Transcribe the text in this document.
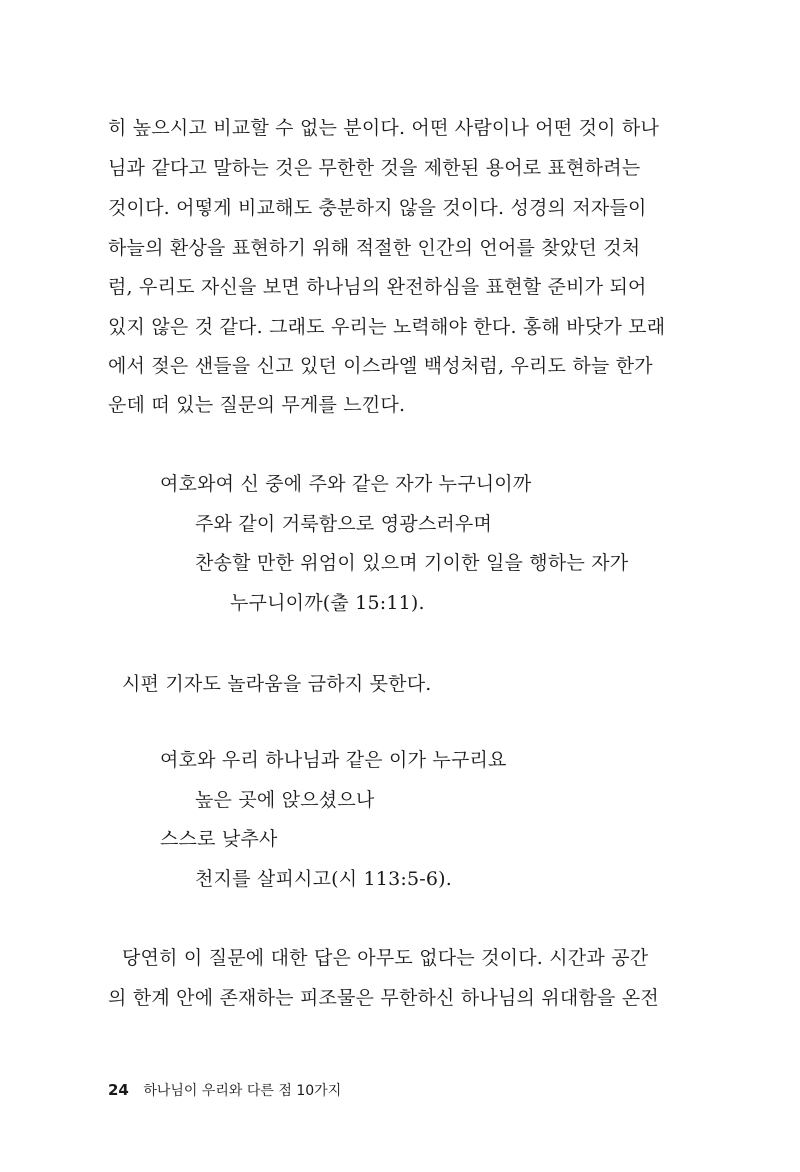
히 높으시고 비교할 수 없는 분이다. 어떤 사람이나 어떤 것이 하나
님과 같다고 말하는 것은 무한한 것을 제한된 용어로 표현하려는
것이다. 어떻게 비교해도 충분하지 않을 것이다. 성경의 저자들이
하늘의 환상을 표현하기 위해 적절한 인간의 언어를 찾았던 것처
럼, 우리도 자신을 보면 하나님의 완전하심을 표현할 준비가 되어
있지 않은 것 같다. 그래도 우리는 노력해야 한다. 홍해 바닷가 모래
에서 젖은 샌들을 신고 있던 이스라엘 백성처럼, 우리도 하늘 한가
운데 떠 있는 질문의 무게를 느낀다.
여호와여 신 중에 주와 같은 자가 누구니이까
주와 같이 거룩함으로 영광스러우며
찬송할 만한 위엄이 있으며 기이한 일을 행하는 자가
누구니이까(출 15:11).
시편 기자도 놀라움을 금하지 못한다.
여호와 우리 하나님과 같은 이가 누구리요
높은 곳에 앉으셨으나
스스로 낮추사
천지를 살피시고(시 113:5-6).
당연히 이 질문에 대한 답은 아무도 없다는 것이다. 시간과 공간
의 한계 안에 존재하는 피조물은 무한하신 하나님의 위대함을 온전
24 하나님이 우리와 다른 점 10가지
